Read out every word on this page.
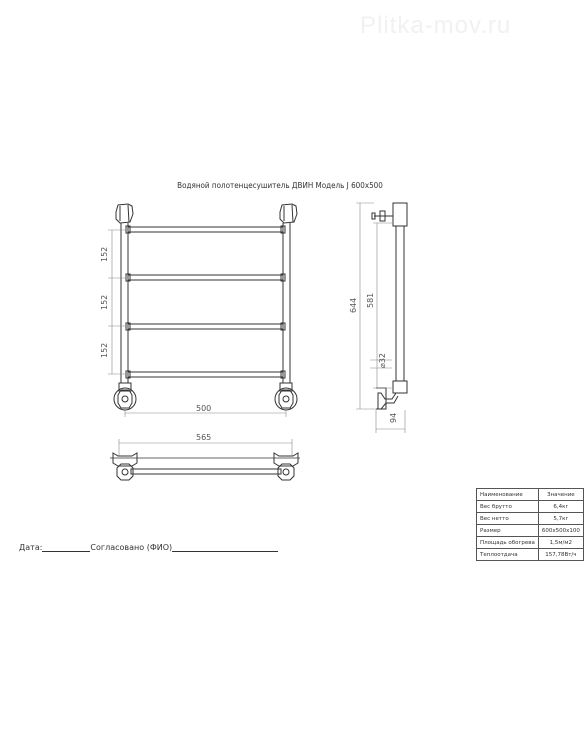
Plitka-mov.ru
Водяной полотенцесушитель ДВИН Модель J 600х500
152
152
152
500
644 581
⌀32
94
565
Наименование	Значение
Вес брутто	6,4кг
Вес нетто	5,7кг
Размер	600х500х100
Площадь обогрева	1,5м/м2
Теплоотдача	157,78Вт/ч
Дата:	Согласовано (ФИО)
